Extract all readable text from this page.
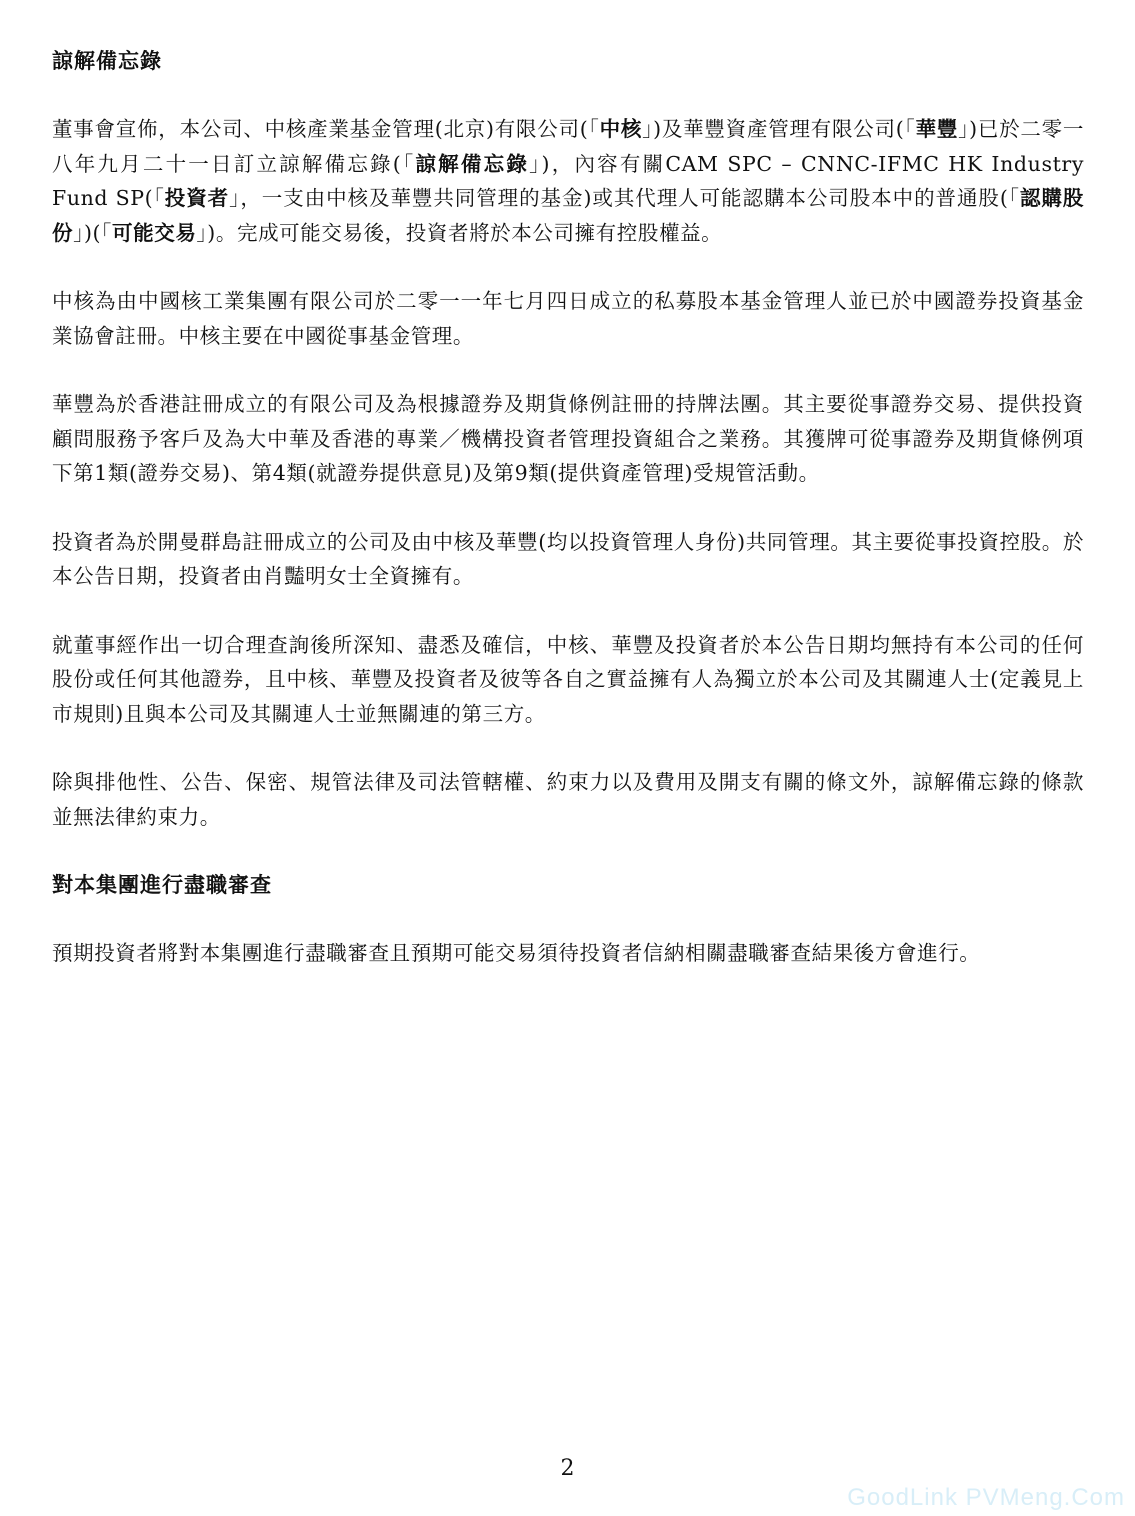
諒解備忘錄

董事會宣佈，本公司、中核產業基金管理(北京)有限公司(「中核」)及華豐資產管理有限公司(「華豐」)已於二零一八年九月二十一日訂立諒解備忘錄(「諒解備忘錄」)，內容有關CAM SPC – CNNC-IFMC HK Industry Fund SP(「投資者」，一支由中核及華豐共同管理的基金)或其代理人可能認購本公司股本中的普通股(「認購股份」)(「可能交易」)。完成可能交易後，投資者將於本公司擁有控股權益。

中核為由中國核工業集團有限公司於二零一一年七月四日成立的私募股本基金管理人並已於中國證券投資基金業協會註冊。中核主要在中國從事基金管理。

華豐為於香港註冊成立的有限公司及為根據證券及期貨條例註冊的持牌法團。其主要從事證券交易、提供投資顧問服務予客戶及為大中華及香港的專業／機構投資者管理投資組合之業務。其獲牌可從事證券及期貨條例項下第1類(證券交易)、第4類(就證券提供意見)及第9類(提供資產管理)受規管活動。

投資者為於開曼群島註冊成立的公司及由中核及華豐(均以投資管理人身份)共同管理。其主要從事投資控股。於本公告日期，投資者由肖豔明女士全資擁有。

就董事經作出一切合理查詢後所深知、盡悉及確信，中核、華豐及投資者於本公告日期均無持有本公司的任何股份或任何其他證券，且中核、華豐及投資者及彼等各自之實益擁有人為獨立於本公司及其關連人士(定義見上市規則)且與本公司及其關連人士並無關連的第三方。

除與排他性、公告、保密、規管法律及司法管轄權、約束力以及費用及開支有關的條文外，諒解備忘錄的條款並無法律約束力。

對本集團進行盡職審查

預期投資者將對本集團進行盡職審查且預期可能交易須待投資者信納相關盡職審查結果後方會進行。

2
GoodLink PVMeng.Com
